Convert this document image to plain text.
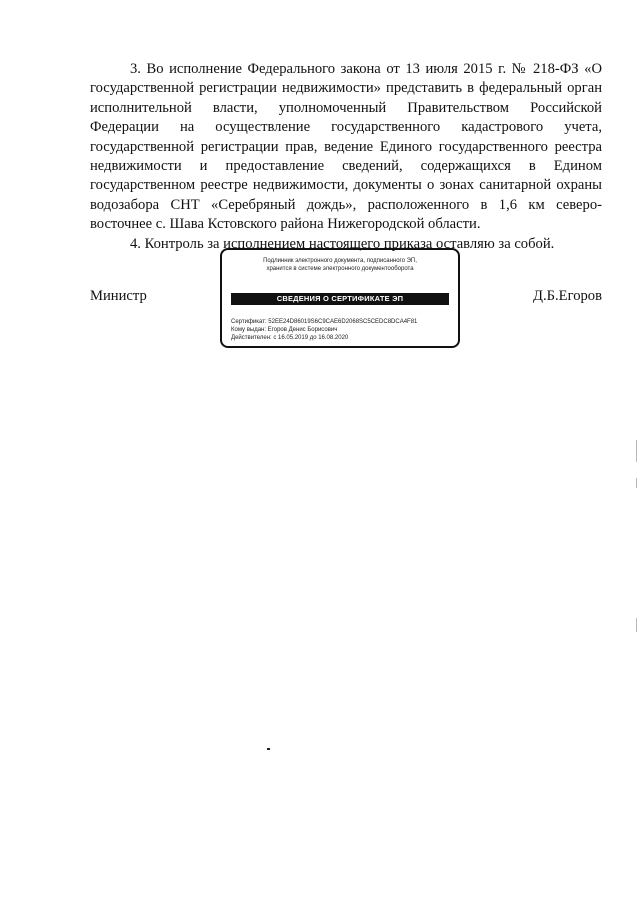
3. Во исполнение Федерального закона от 13 июля 2015 г. № 218-ФЗ «О государственной регистрации недвижимости» представить в федеральный орган исполнительной власти, уполномоченный Правительством Российской Федерации на осуществление государственного кадастрового учета, государственной регистрации прав, ведение Единого государственного реестра недвижимости и предоставление сведений, содержащихся в Едином государственном реестре недвижимости, документы о зонах санитарной охраны водозабора СНТ «Серебряный дождь», расположенного в 1,6 км северо-восточнее с. Шава Кстовского района Нижегородской области.

4. Контроль за исполнением настоящего приказа оставляю за собой.

Министр	Д.Б.Егоров
Подлинник электронного документа, подписанного ЭП,
хранится в системе электронного документооборота
СВЕДЕНИЯ О СЕРТИФИКАТЕ ЭП
Сертификат: 52EE24D86019S6C9CAE6D2068SC5CEDC8DCA4F81
Кому выдан: Егоров Денис Борисович
Действителен: с 16.05.2019 до 16.08.2020
